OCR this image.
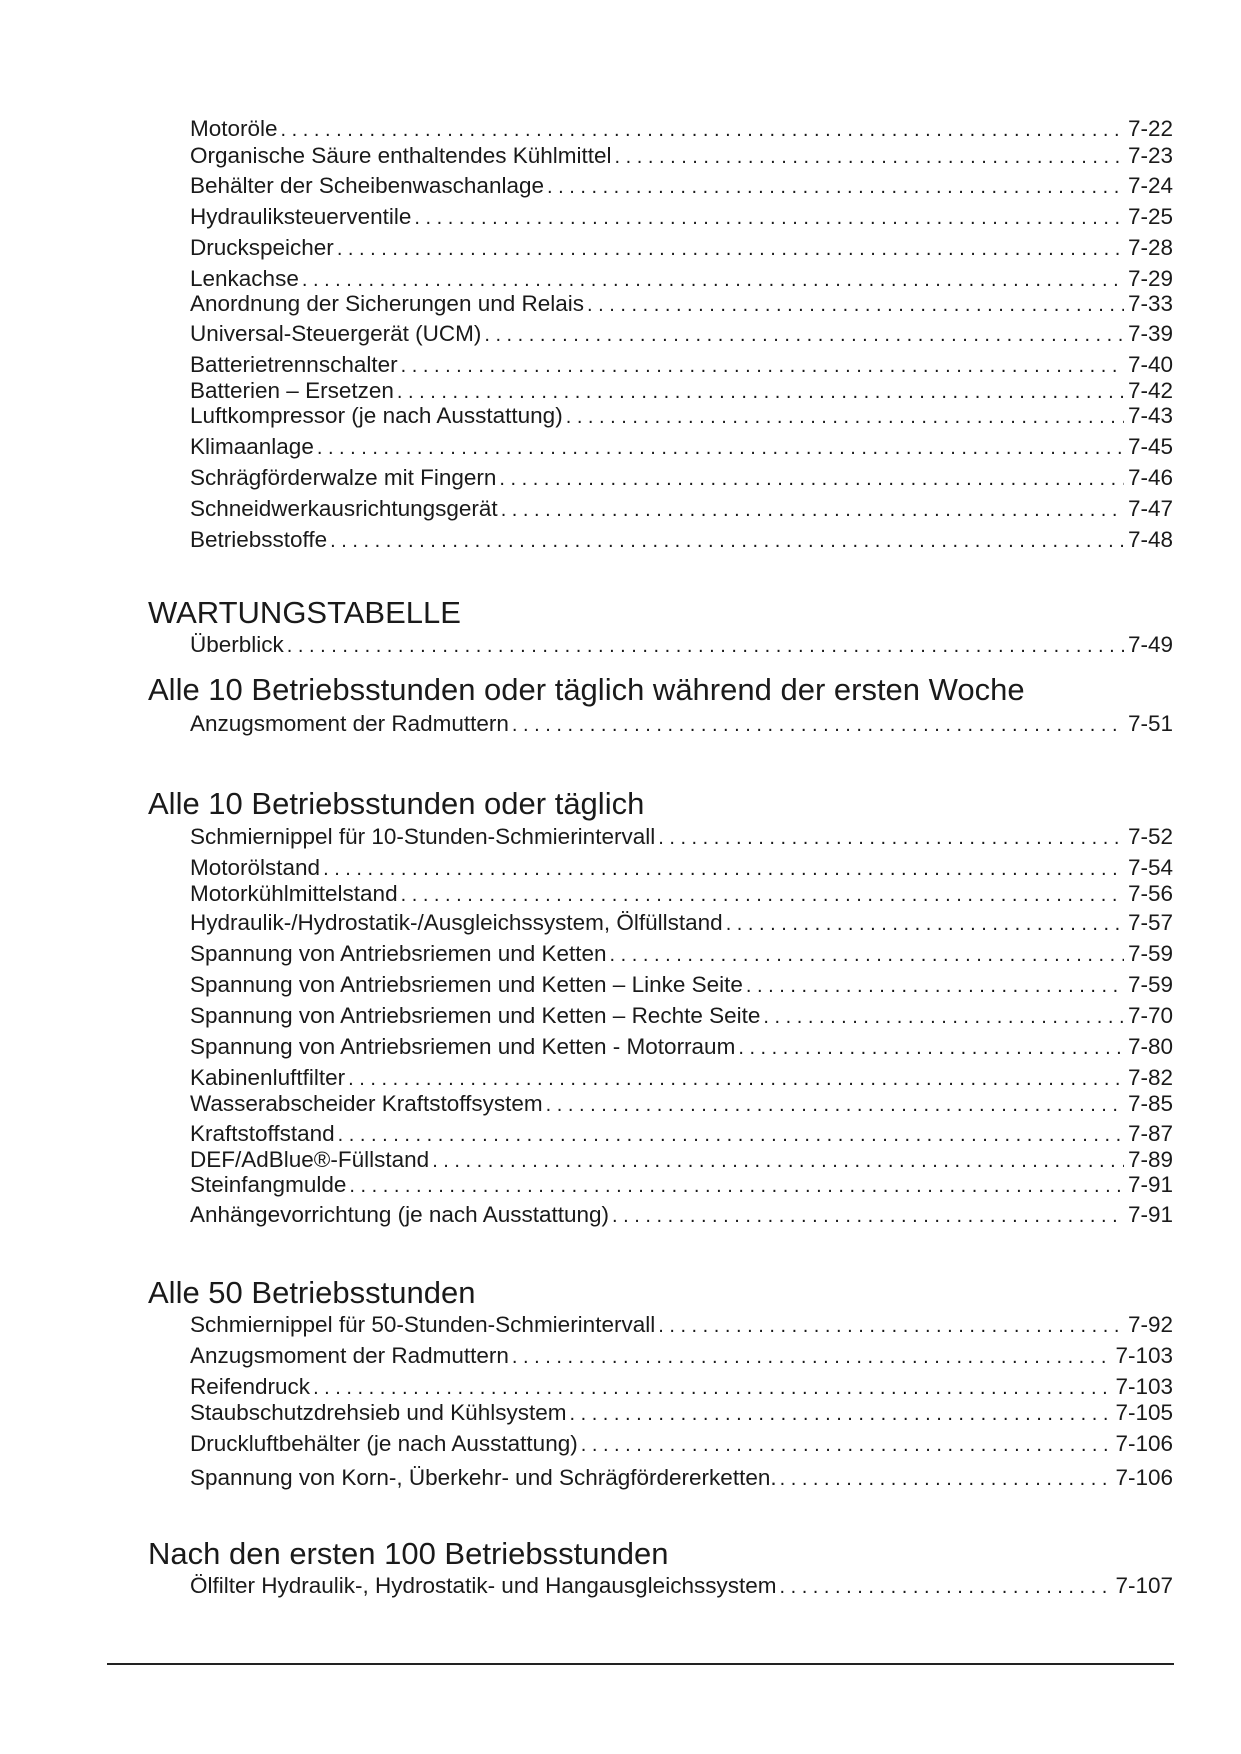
Motoröle . . .	7-22
Organische Säure enthaltendes Kühlmittel . . .	7-23
Behälter der Scheibenwaschanlage . . .	7-24
Hydrauliksteuerventile . . .	7-25
Druckspeicher . . .	7-28
Lenkachse . . .	7-29
Anordnung der Sicherungen und Relais . . .	7-33
Universal-Steuergerät (UCM) . . .	7-39
Batterietrennschalter . . .	7-40
Batterien – Ersetzen . . .	7-42
Luftkompressor (je nach Ausstattung) . . .	7-43
Klimaanlage . . .	7-45
Schrägförderwalze mit Fingern . . .	7-46
Schneidwerkausrichtungsgerät . . .	7-47
Betriebsstoffe . . .	7-48
WARTUNGSTABELLE
Überblick . . .	7-49
Alle 10 Betriebsstunden oder täglich während der ersten Woche
Anzugsmoment der Radmuttern . . .	7-51
Alle 10 Betriebsstunden oder täglich
Schmiernippel für 10-Stunden-Schmierintervall . . .	7-52
Motorölstand . . .	7-54
Motorkühlmittelstand . . .	7-56
Hydraulik-/Hydrostatik-/Ausgleichssystem, Ölfüllstand . . .	7-57
Spannung von Antriebsriemen und Ketten . . .	7-59
Spannung von Antriebsriemen und Ketten – Linke Seite . . .	7-59
Spannung von Antriebsriemen und Ketten – Rechte Seite . . .	7-70
Spannung von Antriebsriemen und Ketten - Motorraum . . .	7-80
Kabinenluftfilter . . .	7-82
Wasserabscheider Kraftstoffsystem . . .	7-85
Kraftstoffstand . . .	7-87
DEF/AdBlue®-Füllstand . . .	7-89
Steinfangmulde . . .	7-91
Anhängevorrichtung (je nach Ausstattung) . . .	7-91
Alle 50 Betriebsstunden
Schmiernippel für 50-Stunden-Schmierintervall . . .	7-92
Anzugsmoment der Radmuttern . . .	7-103
Reifendruck . . .	7-103
Staubschutzdrehsieb und Kühlsystem . . .	7-105
Druckluftbehälter (je nach Ausstattung) . . .	7-106
Spannung von Korn-, Überkehr- und Schrägfördererketten. . . .	7-106
Nach den ersten 100 Betriebsstunden
Ölfilter Hydraulik-, Hydrostatik- und Hangausgleichssystem . . .	7-107
